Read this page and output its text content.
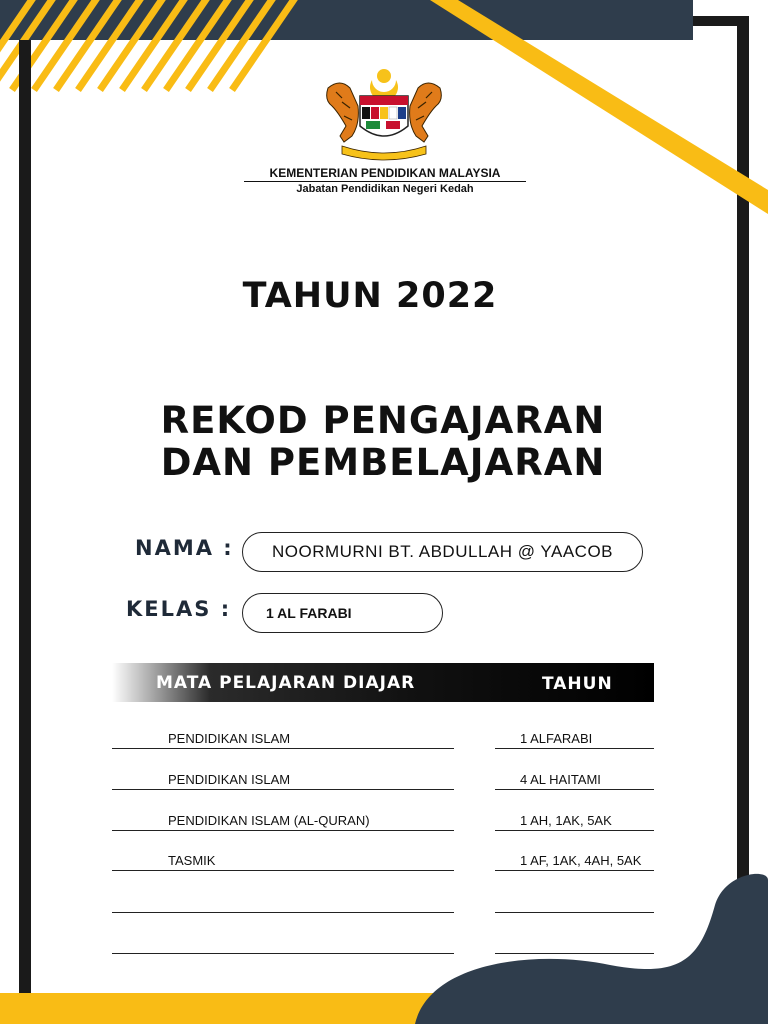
KEMENTERIAN PENDIDIKAN MALAYSIA
Jabatan Pendidikan Negeri Kedah
TAHUN 2022
REKOD PENGAJARAN
DAN PEMBELAJARAN
NAMA :	NOORMURNI BT. ABDULLAH @ YAACOB
KELAS :	1 AL FARABI
MATA PELAJARAN DIAJAR	TAHUN
PENDIDIKAN ISLAM	1 ALFARABI
PENDIDIKAN ISLAM	4 AL HAITAMI
PENDIDIKAN ISLAM (AL-QURAN)	1 AH, 1AK, 5AK
TASMIK	1 AF, 1AK, 4AH, 5AK
